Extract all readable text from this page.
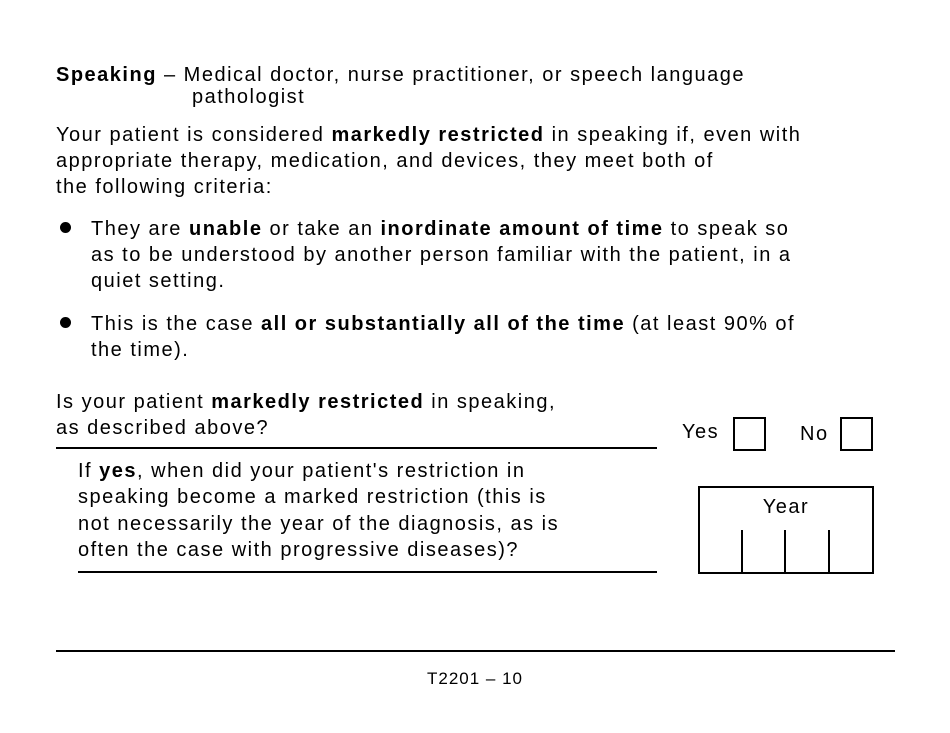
Speaking – Medical doctor, nurse practitioner, or speech language
pathologist
Your patient is considered markedly restricted in speaking if, even with
appropriate therapy, medication, and devices, they meet both of
the following criteria:
They are unable or take an inordinate amount of time to speak so
as to be understood by another person familiar with the patient, in a
quiet setting.
This is the case all or substantially all of the time (at least 90% of
the time).
Is your patient markedly restricted in speaking,
as described above?	Yes	No
If yes, when did your patient's restriction in
speaking become a marked restriction (this is
not necessarily the year of the diagnosis, as is
often the case with progressive diseases)?
Year
T2201 – 10
